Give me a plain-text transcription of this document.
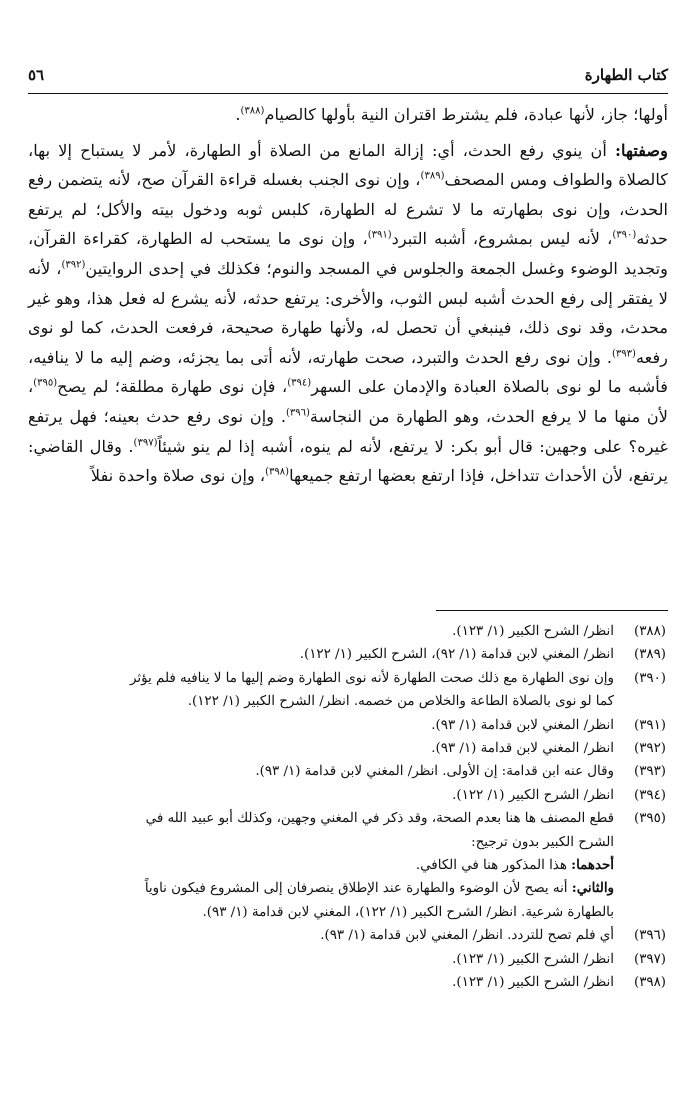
كتاب الطهارة
٥٦

أولها؛ جاز، لأنها عبادة، فلم يشترط اقتران النية بأولها كالصيام$^{(٣٨٨)}$.

وصفتها: أن ينوي رفع الحدث، أي: إزالة المانع من الصلاة أو الطهارة، لأمر لا يستباح إلا بها، كالصلاة والطواف ومس المصحف$^{(٣٨٩)}$، وإن نوى الجنب بغسله قراءة القرآن صح، لأنه يتضمن رفع الحدث، وإن نوى بطهارته ما لا تشرع له الطهارة، كلبس ثوبه ودخول بيته والأكل؛ لم يرتفع حدثه$^{(٣٩٠)}$، لأنه ليس بمشروع، أشبه التبرد$^{(٣٩١)}$، وإن نوى ما يستحب له الطهارة، كقراءة القرآن، وتجديد الوضوء وغسل الجمعة والجلوس في المسجد والنوم؛ فكذلك في إحدى الروايتين$^{(٣٩٢)}$، لأنه لا يفتقر إلى رفع الحدث أشبه لبس الثوب، والأخرى: يرتفع حدثه، لأنه يشرع له فعل هذا، وهو غير محدث، وقد نوى ذلك، فينبغي أن تحصل له، ولأنها طهارة صحيحة، فرفعت الحدث، كما لو نوى رفعه$^{(٣٩٣)}$. وإن نوى رفع الحدث والتبرد، صحت طهارته، لأنه أتى بما يجزئه، وضم إليه ما لا ينافيه، فأشبه ما لو نوى بالصلاة العبادة والإدمان على السهر$^{(٣٩٤)}$، فإن نوى طهارة مطلقة؛ لم يصح$^{(٣٩٥)}$، لأن منها ما لا يرفع الحدث، وهو الطهارة من النجاسة$^{(٣٩٦)}$. وإن نوى رفع حدث بعينه؛ فهل يرتفع غيره؟ على وجهين: قال أبو بكر: لا يرتفع، لأنه لم ينوه، أشبه إذا لم ينو شيئاً$^{(٣٩٧)}$. وقال القاضي: يرتفع، لأن الأحداث تتداخل، فإذا ارتفع بعضها ارتفع جميعها$^{(٣٩٨)}$، وإن نوى صلاة واحدة نفلاً

(٣٨٨)
انظر/ الشرح الكبير (١/ ١٢٣).
(٣٨٩)
انظر/ المغني لابن قدامة (١/ ٩٢)، الشرح الكبير (١/ ١٢٢).
(٣٩٠)
وإن نوى الطهارة مع ذلك صحت الطهارة لأنه نوى الطهارة وضم إليها ما لا ينافيه فلم يؤثر
كما لو نوى بالصلاة الطاعة والخلاص من خصمه. انظر/ الشرح الكبير (١/ ١٢٢).
(٣٩١)
انظر/ المغني لابن قدامة (١/ ٩٣).
(٣٩٢)
انظر/ المغني لابن قدامة (١/ ٩٣).
(٣٩٣)
وقال عنه ابن قدامة: إن الأولى. انظر/ المغني لابن قدامة (١/ ٩٣).
(٣٩٤)
انظر/ الشرح الكبير (١/ ١٢٢).
(٣٩٥)
قطع المصنف ها هنا بعدم الصحة، وقد ذكر في المغني وجهين، وكذلك أبو عبيد الله في
الشرح الكبير بدون ترجيح:
أحدهما: هذا المذكور هنا في الكافي.
والثاني: أنه يصح لأن الوضوء والطهارة عند الإطلاق ينصرفان إلى المشروع فيكون ناوياً
بالطهارة شرعية. انظر/ الشرح الكبير (١/ ١٢٢)، المغني لابن قدامة (١/ ٩٣).
(٣٩٦)
أي فلم تصح للتردد. انظر/ المغني لابن قدامة (١/ ٩٣).
(٣٩٧)
انظر/ الشرح الكبير (١/ ١٢٣).
(٣٩٨)
انظر/ الشرح الكبير (١/ ١٢٣).
